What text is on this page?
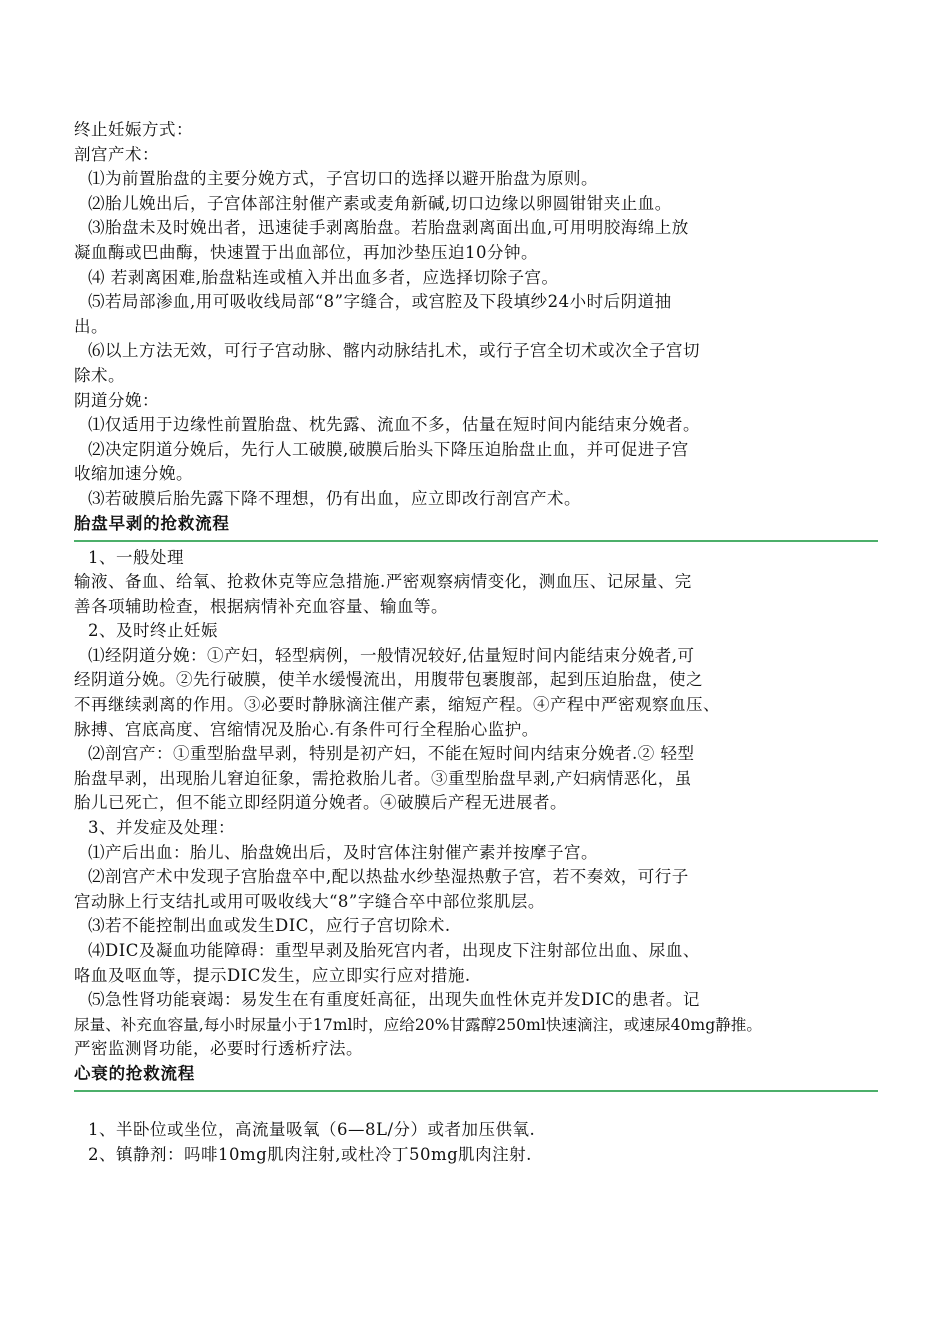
终止妊娠方式：
剖宫产术：
⑴为前置胎盘的主要分娩方式，子宫切口的选择以避开胎盘为原则。
⑵胎儿娩出后，子宫体部注射催产素或麦角新碱,切口边缘以卵圆钳钳夹止血。
⑶胎盘未及时娩出者，迅速徒手剥离胎盘。若胎盘剥离面出血,可用明胶海绵上放
凝血酶或巴曲酶，快速置于出血部位，再加沙垫压迫10分钟。
⑷ 若剥离困难,胎盘粘连或植入并出血多者，应选择切除子宫。
⑸若局部渗血,用可吸收线局部“8”字缝合，或宫腔及下段填纱24小时后阴道抽
出。
⑹以上方法无效，可行子宫动脉、髂内动脉结扎术，或行子宫全切术或次全子宫切
除术。
阴道分娩：
⑴仅适用于边缘性前置胎盘、枕先露、流血不多，估量在短时间内能结束分娩者。
⑵决定阴道分娩后，先行人工破膜,破膜后胎头下降压迫胎盘止血，并可促进子宫
收缩加速分娩。
⑶若破膜后胎先露下降不理想，仍有出血，应立即改行剖宫产术。
胎盘早剥的抢救流程
1、一般处理
输液、备血、给氧、抢救休克等应急措施.严密观察病情变化，测血压、记尿量、完
善各项辅助检查，根据病情补充血容量、输血等。
2、及时终止妊娠
⑴经阴道分娩：①产妇，轻型病例，一般情况较好,估量短时间内能结束分娩者,可
经阴道分娩。②先行破膜，使羊水缓慢流出，用腹带包裹腹部，起到压迫胎盘，使之
不再继续剥离的作用。③必要时静脉滴注催产素，缩短产程。④产程中严密观察血压、
脉搏、宫底高度、宫缩情况及胎心.有条件可行全程胎心监护。
⑵剖宫产：①重型胎盘早剥，特别是初产妇，不能在短时间内结束分娩者.② 轻型
胎盘早剥，出现胎儿窘迫征象，需抢救胎儿者。③重型胎盘早剥,产妇病情恶化，虽
胎儿已死亡，但不能立即经阴道分娩者。④破膜后产程无进展者。
3、并发症及处理：
⑴产后出血：胎儿、胎盘娩出后，及时宫体注射催产素并按摩子宫。
⑵剖宫产术中发现子宫胎盘卒中,配以热盐水纱垫湿热敷子宫，若不奏效，可行子
宫动脉上行支结扎或用可吸收线大“8”字缝合卒中部位浆肌层。
⑶若不能控制出血或发生DIC，应行子宫切除术.
⑷DIC及凝血功能障碍：重型早剥及胎死宫内者，出现皮下注射部位出血、尿血、
咯血及呕血等，提示DIC发生，应立即实行应对措施.
⑸急性肾功能衰竭：易发生在有重度妊高征，出现失血性休克并发DIC的患者。记
尿量、补充血容量,每小时尿量小于17ml时，应给20%甘露醇250ml快速滴注，或速尿40mg静推。
严密监测肾功能，必要时行透析疗法。
心衰的抢救流程
1、半卧位或坐位，高流量吸氧（6—8L/分）或者加压供氧.
2、镇静剂：吗啡10mg肌肉注射,或杜冷丁50mg肌肉注射.
